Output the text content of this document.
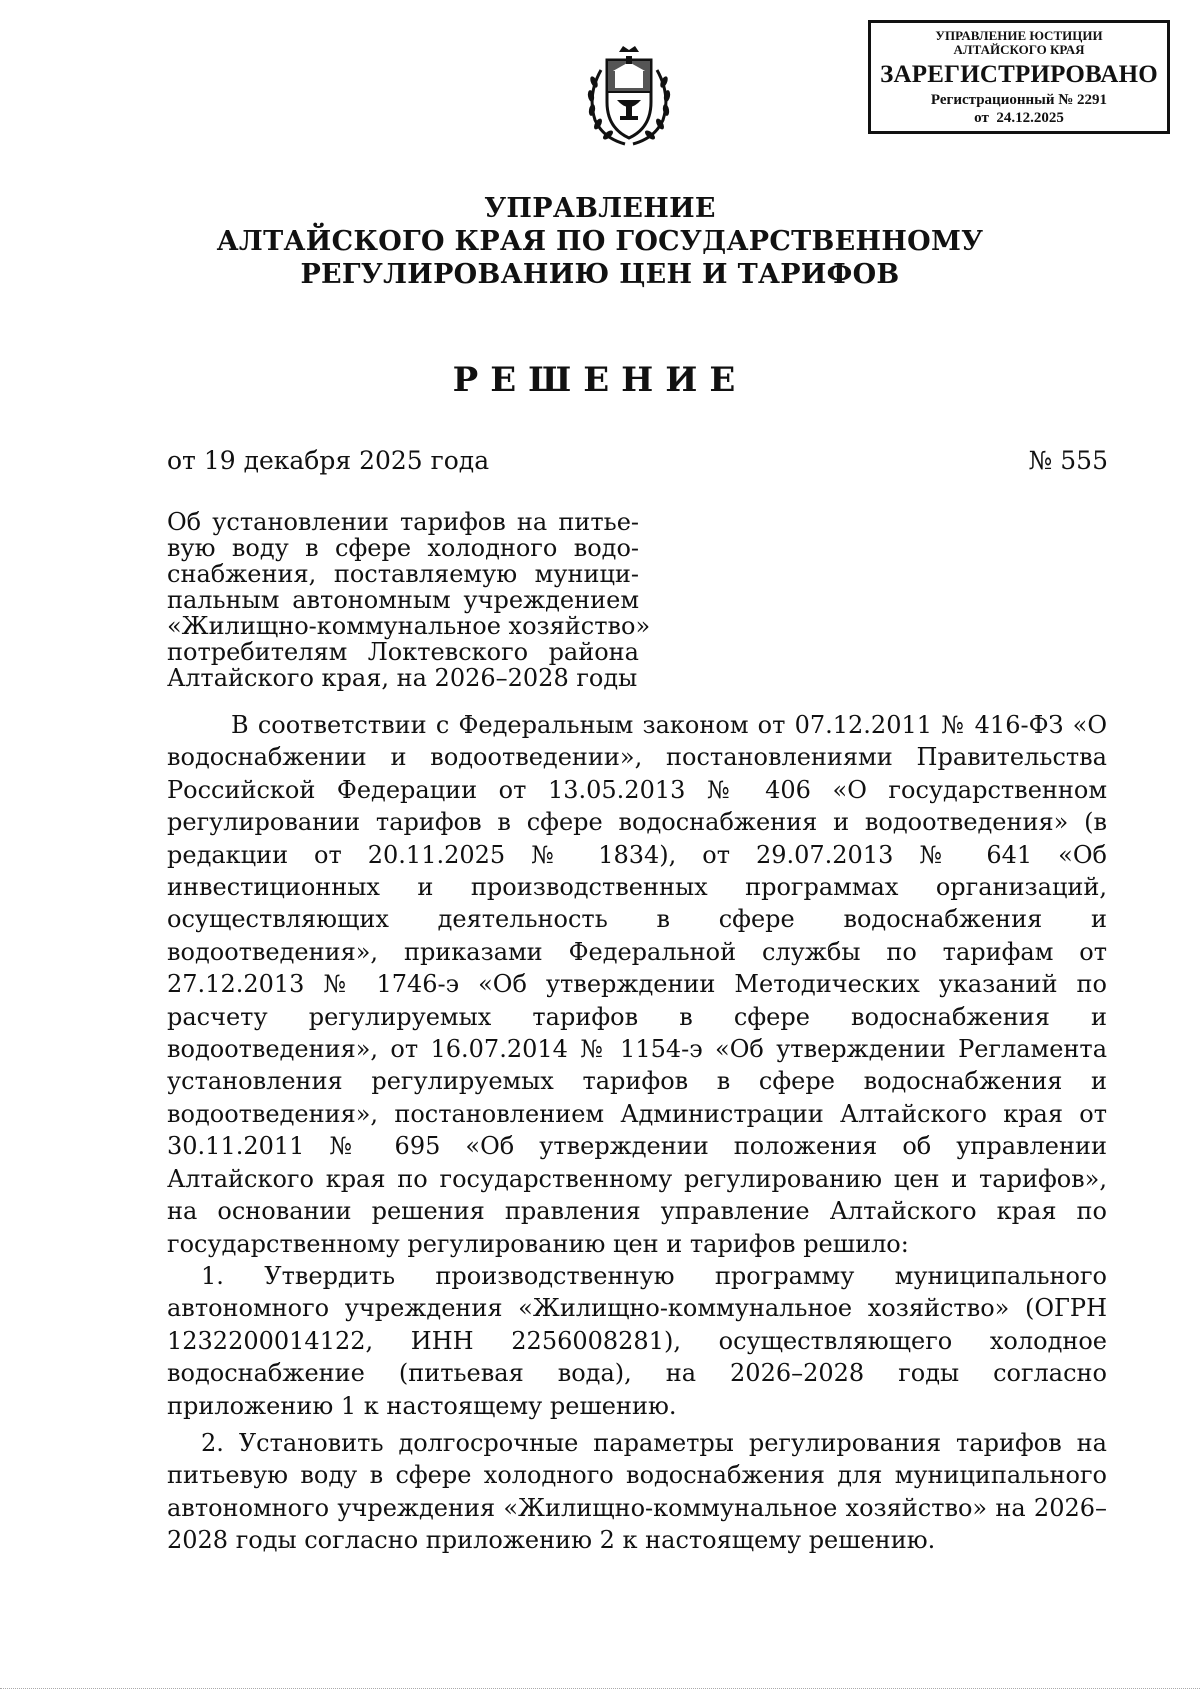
УПРАВЛЕНИЕ ЮСТИЦИИ
АЛТАЙСКОГО КРАЯ
ЗАРЕГИСТРИРОВАНО
Регистрационный № 2291
от  24.12.2025
УПРАВЛЕНИЕ
АЛТАЙСКОГО КРАЯ ПО ГОСУДАРСТВЕННОМУ
РЕГУЛИРОВАНИЮ ЦЕН И ТАРИФОВ
РЕШЕНИЕ
от 19 декабря 2025 года	№ 555
Об установлении тарифов на питье-
вую воду в сфере холодного водо-
снабжения, поставляемую муници-
пальным автономным учреждением
«Жилищно-коммунальное хозяйство»
потребителям Локтевского района
Алтайского края, на 2026–2028 годы

В соответствии с Федеральным законом от 07.12.2011 № 416-ФЗ «О водоснабжении и водоотведении», постановлениями Правительства Российской Федерации от 13.05.2013 № 406 «О государственном регулировании тарифов в сфере водоснабжения и водоотведения» (в редакции от 20.11.2025 № 1834), от 29.07.2013 № 641 «Об инвестиционных и производственных программах организаций, осуществляющих деятельность в сфере водоснабжения и водоотведения», приказами Федеральной службы по тарифам от 27.12.2013 № 1746-э «Об утверждении Методических указаний по расчету регулируемых тарифов в сфере водоснабжения и водоотведения», от 16.07.2014 № 1154-э «Об утверждении Регламента установления регулируемых тарифов в сфере водоснабжения и водоотведения», постановлением Администрации Алтайского края от 30.11.2011 № 695 «Об утверждении положения об управлении Алтайского края по государственному регулированию цен и тарифов», на основании решения правления управление Алтайского края по государственному регулированию цен и тарифов решило:

1. Утвердить производственную программу муниципального автономного учреждения «Жилищно-коммунальное хозяйство» (ОГРН 1232200014122, ИНН 2256008281), осуществляющего холодное водоснабжение (питьевая вода), на 2026–2028 годы согласно приложению 1 к настоящему решению.

2. Установить долгосрочные параметры регулирования тарифов на питьевую воду в сфере холодного водоснабжения для муниципального автономного учреждения «Жилищно-коммунальное хозяйство» на 2026–2028 годы согласно приложению 2 к настоящему решению.
